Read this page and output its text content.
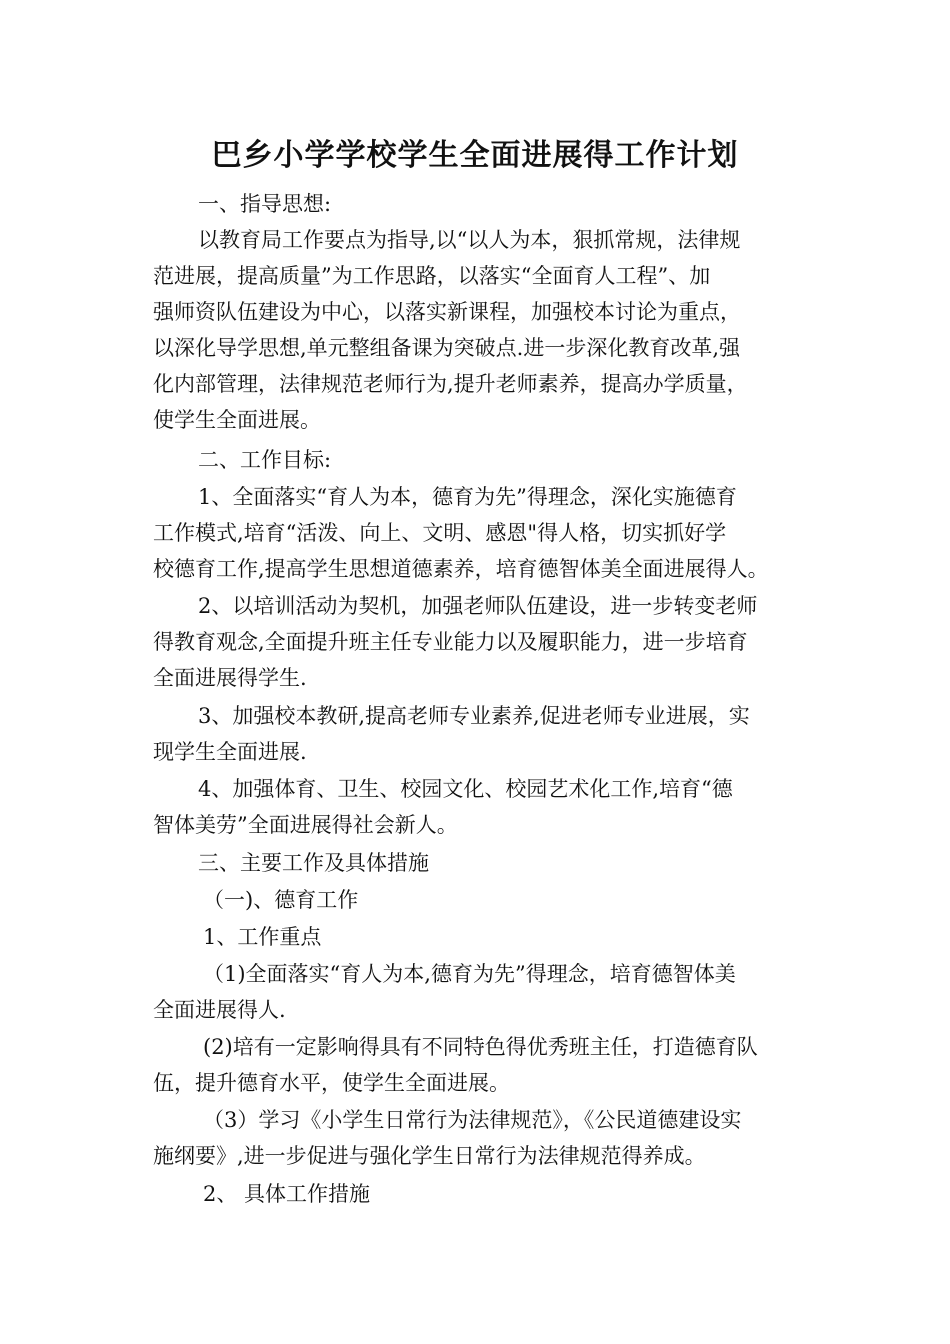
巴乡小学学校学生全面进展得工作计划
一、指导思想:
以教育局工作要点为指导,以“以人为本，狠抓常规，法律规
范进展，提高质量”为工作思路，以落实“全面育人工程”、加
强师资队伍建设为中心，以落实新课程，加强校本讨论为重点，
以深化导学思想,单元整组备课为突破点.进一步深化教育改革,强
化内部管理，法律规范老师行为,提升老师素养，提高办学质量，
使学生全面进展。
二、工作目标:
1、全面落实“育人为本，德育为先”得理念，深化实施德育
工作模式,培育“活泼、向上、文明、感恩"得人格，切实抓好学
校德育工作,提高学生思想道德素养，培育德智体美全面进展得人。
2、以培训活动为契机，加强老师队伍建设，进一步转变老师
得教育观念,全面提升班主任专业能力以及履职能力，进一步培育
全面进展得学生.
3、加强校本教研,提高老师专业素养,促进老师专业进展，实
现学生全面进展.
4、加强体育、卫生、校园文化、校园艺术化工作,培育“德
智体美劳”全面进展得社会新人。
三、主要工作及具体措施
（一)、德育工作
1、工作重点
（1)全面落实“育人为本,德育为先”得理念，培育德智体美
全面进展得人.
(2)培有一定影响得具有不同特色得优秀班主任，打造德育队
伍，提升德育水平，使学生全面进展。
（3）学习《小学生日常行为法律规范》，《公民道德建设实
施纲要》,进一步促进与强化学生日常行为法律规范得养成。
2、 具体工作措施
